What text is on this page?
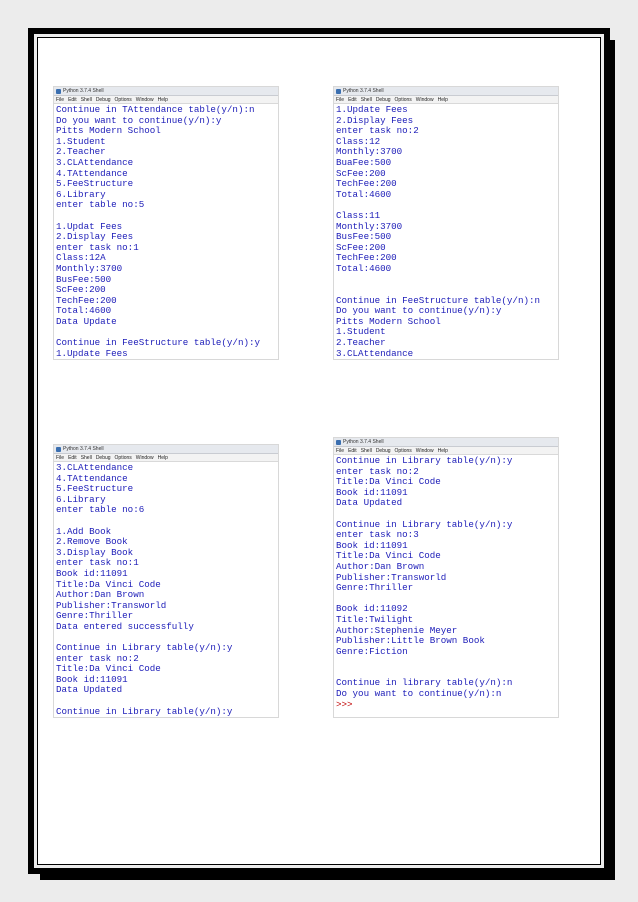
Python 3.7.4 Shell
File Edit Shell Debug Options Window Help
Continue in TAttendance table(y/n):n
Do you want to continue(y/n):y
Pitts Modern School
1.Student
2.Teacher
3.CLAttendance
4.TAttendance
5.FeeStructure
6.Library
enter table no:5
1.Updat Fees
2.Display Fees
enter task no:1
Class:12A
Monthly:3700
BusFee:500
ScFee:200
TechFee:200
Total:4600
Data Update
Continue in FeeStructure table(y/n):y
1.Update Fees
Python 3.7.4 Shell
File Edit Shell Debug Options Window Help
1.Update Fees
2.Display Fees
enter task no:2
Class:12
Monthly:3700
BuaFee:500
ScFee:200
TechFee:200
Total:4600
Class:11
Monthly:3700
BusFee:500
ScFee:200
TechFee:200
Total:4600
Continue in FeeStructure table(y/n):n
Do you want to continue(y/n):y
Pitts Modern School
1.Student
2.Teacher
3.CLAttendance
Python 3.7.4 Shell
File Edit Shell Debug Options Window Help
3.CLAttendance
4.TAttendance
5.FeeStructure
6.Library
enter table no:6
1.Add Book
2.Remove Book
3.Display Book
enter task no:1
Book id:11091
Title:Da Vinci Code
Author:Dan Brown
Publisher:Transworld
Genre:Thriller
Data entered successfully
Continue in Library table(y/n):y
enter task no:2
Title:Da Vinci Code
Book id:11091
Data Updated
Continue in Library table(y/n):y
Python 3.7.4 Shell
File Edit Shell Debug Options Window Help
Continue in Library table(y/n):y
enter task no:2
Title:Da Vinci Code
Book id:11091
Data Updated
Continue in Library table(y/n):y
enter task no:3
Book id:11091
Title:Da Vinci Code
Author:Dan Brown
Publisher:Transworld
Genre:Thriller
Book id:11092
Title:Twilight
Author:Stephenie Meyer
Publisher:Little Brown Book
Genre:Fiction
Continue in library table(y/n):n
Do you want to continue(y/n):n
>>>
